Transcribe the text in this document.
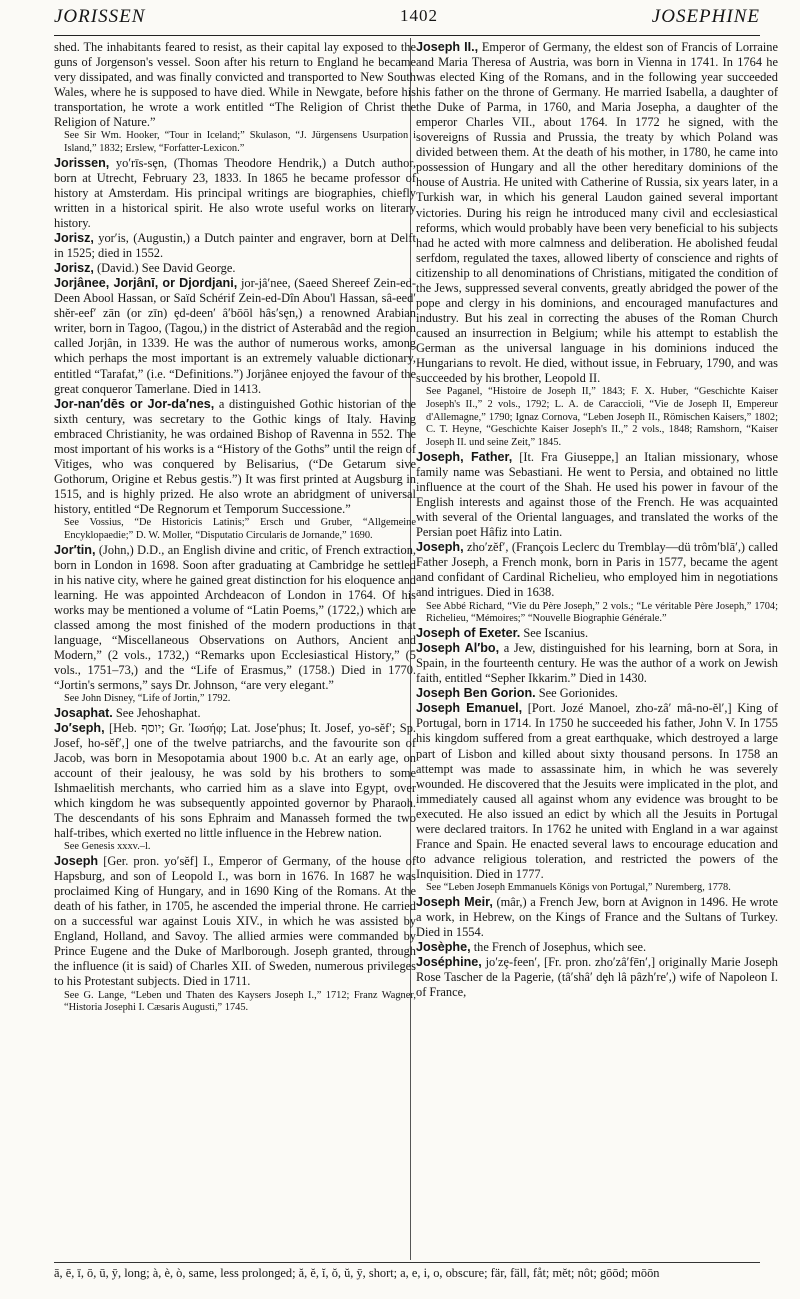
JORISSEN	1402	JOSEPHINE

shed. The inhabitants feared to resist, as their capital lay exposed to the guns of Jorgenson's vessel. Soon after his return to England he became very dissipated, and was finally convicted and transported to New South Wales, where he is supposed to have died. While in Newgate, before his transportation, he wrote a work entitled “The Religion of Christ the Religion of Nature.”

See Sir Wm. Hooker, “Tour in Iceland;” Skulason, “J. Jürgensens Usurpation i Island,” 1832; Erslew, “Forfatter-Lexicon.”

Jorissen, yo′rīs-sȩn, (Thomas Theodore Hendrik,) a Dutch author, born at Utrecht, February 23, 1833. In 1865 he became professor of history at Amsterdam. His principal writings are biographies, chiefly written in a historical spirit. He also wrote useful works on literary history.

Jorisz, yor′is, (Augustin,) a Dutch painter and engraver, born at Delft in 1525; died in 1552.

Jorisz, (David.) See David George.

Jorjânee, Jorjânī, or Djordjani, jor-jâ′nee, (Saeed Shereef Zein-ed-Deen Abool Hassan, or Saïd Schérif Zein-ed-Dîn Abou'l Hassan, sâ-eed′ shĕr-eef′ zān (or zīn) ȩd-deen′ â′bōōl hâs′sȩn,) a renowned Arabian writer, born in Tagoo, (Tagou,) in the district of Asterabâd and the region called Jorjân, in 1339. He was the author of numerous works, among which perhaps the most important is an extremely valuable dictionary, entitled “Tarafat,” (i.e. “Definitions.”) Jorjânee enjoyed the favour of the great conqueror Tamerlane. Died in 1413.

Jor-nan′dēs or Jor-da′nes, a distinguished Gothic historian of the sixth century, was secretary to the Gothic kings of Italy. Having embraced Christianity, he was ordained Bishop of Ravenna in 552. The most important of his works is a “History of the Goths” until the reign of Vitiges, who was conquered by Belisarius, (“De Getarum sive Gothorum, Origine et Rebus gestis.”) It was first printed at Augsburg in 1515, and is highly prized. He also wrote an abridgment of universal history, entitled “De Regnorum et Temporum Successione.”

See Vossius, “De Historicis Latinis;” Ersch und Gruber, “Allgemeine Encyklopaedie;” D. W. Moller, “Disputatio Circularis de Jornande,” 1690.

Jor′tin, (John,) D.D., an English divine and critic, of French extraction, born in London in 1698. Soon after graduating at Cambridge he settled in his native city, where he gained great distinction for his eloquence and learning. He was appointed Archdeacon of London in 1764. Of his works may be mentioned a volume of “Latin Poems,” (1722,) which are classed among the most finished of the modern productions in that language, “Miscellaneous Observations on Authors, Ancient and Modern,” (2 vols., 1732,) “Remarks upon Ecclesiastical History,” (5 vols., 1751–73,) and the “Life of Erasmus,” (1758.) Died in 1770. “Jortin's sermons,” says Dr. Johnson, “are very elegant.”

See John Disney, “Life of Jortin,” 1792.

Josaphat. See Jehoshaphat.

Jo′seph, [Heb. יוסף; Gr. Ἰωσήφ; Lat. Jose′phus; It. Josef, yo-sĕf′; Sp. Josef, ho-sĕf′,] one of the twelve patriarchs, and the favourite son of Jacob, was born in Mesopotamia about 1900 b.c. At an early age, on account of their jealousy, he was sold by his brothers to some Ishmaelitish merchants, who carried him as a slave into Egypt, over which kingdom he was subsequently appointed governor by Pharaoh. The descendants of his sons Ephraim and Manasseh formed the two half-tribes, which exerted no little influence in the Hebrew nation.

See Genesis xxxv.–l.

Joseph [Ger. pron. yo′sĕf] I., Emperor of Germany, of the house of Hapsburg, and son of Leopold I., was born in 1676. In 1687 he was proclaimed King of Hungary, and in 1690 King of the Romans. At the death of his father, in 1705, he ascended the imperial throne. He carried on a successful war against Louis XIV., in which he was assisted by England, Holland, and Savoy. The allied armies were commanded by Prince Eugene and the Duke of Marlborough. Joseph granted, through the influence (it is said) of Charles XII. of Sweden, numerous privileges to his Protestant subjects. Died in 1711.

See G. Lange, “Leben und Thaten des Kaysers Joseph I.,” 1712; Franz Wagner, “Historia Josephi I. Cæsaris Augusti,” 1745.

Joseph II., Emperor of Germany, the eldest son of Francis of Lorraine and Maria Theresa of Austria, was born in Vienna in 1741. In 1764 he was elected King of the Romans, and in the following year succeeded his father on the throne of Germany. He married Isabella, a daughter of the Duke of Parma, in 1760, and Maria Josepha, a daughter of the emperor Charles VII., about 1764. In 1772 he signed, with the sovereigns of Russia and Prussia, the treaty by which Poland was divided between them. At the death of his mother, in 1780, he came into possession of Hungary and all the other hereditary dominions of the house of Austria. He united with Catherine of Russia, six years later, in a Turkish war, in which his general Laudon gained several important victories. During his reign he introduced many civil and ecclesiastical reforms, which would probably have been very beneficial to his subjects had he acted with more calmness and deliberation. He abolished feudal serfdom, regulated the taxes, allowed liberty of conscience and rights of citizenship to all denominations of Christians, mitigated the condition of the Jews, suppressed several convents, greatly abridged the power of the pope and clergy in his dominions, and encouraged manufactures and industry. But his zeal in correcting the abuses of the Roman Church caused an insurrection in Belgium; while his attempt to establish the German as the universal language in his dominions induced the Hungarians to revolt. He died, without issue, in February, 1790, and was succeeded by his brother, Leopold II.

See Paganel, “Histoire de Joseph II,” 1843; F. X. Huber, “Geschichte Kaiser Joseph's II.,” 2 vols., 1792; L. A. de Caraccioli, “Vie de Joseph II, Empereur d'Allemagne,” 1790; Ignaz Cornova, “Leben Joseph II., Römischen Kaisers,” 1802; C. T. Heyne, “Geschichte Kaiser Joseph's II.,” 2 vols., 1848; Ramshorn, “Kaiser Joseph II. und seine Zeit,” 1845.

Joseph, Father, [It. Fra Giuseppe,] an Italian missionary, whose family name was Sebastiani. He went to Persia, and obtained no little influence at the court of the Shah. He used his power in favour of the English interests and against those of the French. He was acquainted with several of the Oriental languages, and translated the works of the Persian poet Hâfiz into Latin.

Joseph, zho′zĕf′, (François Leclerc du Tremblay—dü trôm′blā′,) called Father Joseph, a French monk, born in Paris in 1577, became the agent and confidant of Cardinal Richelieu, who employed him in negotiations and intrigues. Died in 1638.

See Abbé Richard, “Vie du Père Joseph,” 2 vols.; “Le véritable Père Joseph,” 1704; Richelieu, “Mémoires;” “Nouvelle Biographie Générale.”

Joseph of Exeter. See Iscanius.

Joseph Al′bo, a Jew, distinguished for his learning, born at Sora, in Spain, in the fourteenth century. He was the author of a work on Jewish faith, entitled “Sepher Ikkarim.” Died in 1430.

Joseph Ben Gorion. See Gorionides.

Joseph Emanuel, [Port. Jozé Manoel, zho-zâ′ mâ-no-ĕl′,] King of Portugal, born in 1714. In 1750 he succeeded his father, John V. In 1755 his kingdom suffered from a great earthquake, which destroyed a large part of Lisbon and killed about sixty thousand persons. In 1758 an attempt was made to assassinate him, in which he was severely wounded. He discovered that the Jesuits were implicated in the plot, and immediately caused all against whom any evidence was brought to be executed. He also issued an edict by which all the Jesuits in Portugal were declared traitors. In 1762 he united with England in a war against France and Spain. He enacted several laws to encourage education and to advance religious toleration, and restricted the powers of the Inquisition. Died in 1777.

See “Leben Joseph Emmanuels Königs von Portugal,” Nuremberg, 1778.

Joseph Meir, (mâr,) a French Jew, born at Avignon in 1496. He wrote a work, in Hebrew, on the Kings of France and the Sultans of Turkey. Died in 1554.

Josèphe, the French of Josephus, which see.

Joséphine, jo′zȩ-feen′, [Fr. pron. zho′zâ′fēn′,] originally Marie Joseph Rose Tascher de la Pagerie, (tâ′shâ′ dȩh lâ pâzh′re′,) wife of Napoleon I. of France,

ā, ē, ī, ō, ū, ȳ, long; à, è, ò, same, less prolonged; ă, ĕ, ĭ, ŏ, ŭ, ȳ, short; a, e, i, o, obscure; fär, fäll, fåt; mĕt; nôt; gōōd; mōōn
